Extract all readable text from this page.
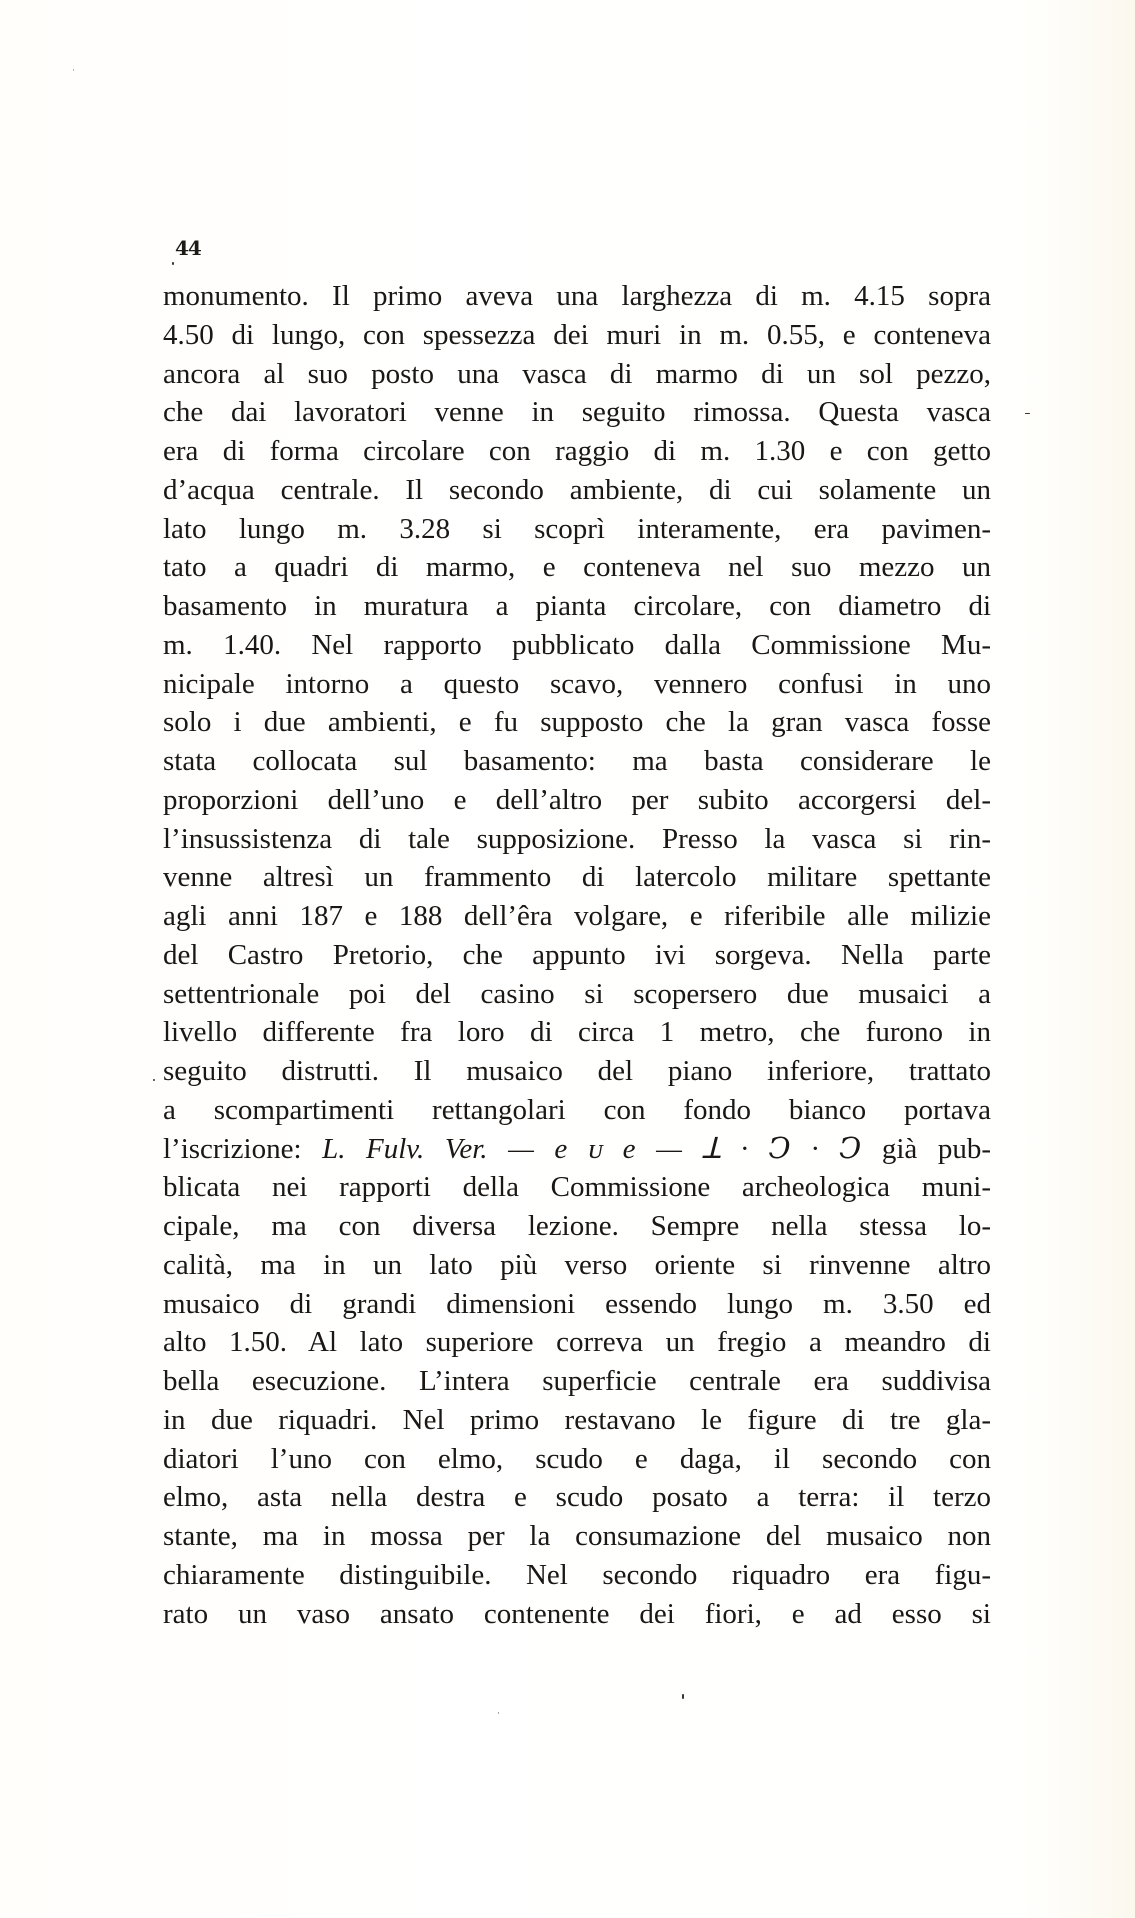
44
monumento. Il primo aveva una larghezza di m. 4.15 sopra
4.50 di lungo, con spessezza dei muri in m. 0.55, e conteneva
ancora al suo posto una vasca di marmo di un sol pezzo,
che dai lavoratori venne in seguito rimossa. Questa vasca
era di forma circolare con raggio di m. 1.30 e con getto
d’acqua centrale. Il secondo ambiente, di cui solamente un
lato lungo m. 3.28 si scoprì interamente, era pavimen-
tato a quadri di marmo, e conteneva nel suo mezzo un
basamento in muratura a pianta circolare, con diametro di
m. 1.40. Nel rapporto pubblicato dalla Commissione Mu-
nicipale intorno a questo scavo, vennero confusi in uno
solo i due ambienti, e fu supposto che la gran vasca fosse
stata collocata sul basamento: ma basta considerare le
proporzioni dell’uno e dell’altro per subito accorgersi del-
l’insussistenza di tale supposizione. Presso la vasca si rin-
venne altresì un frammento di latercolo militare spettante
agli anni 187 e 188 dell’êra volgare, e riferibile alle milizie
del Castro Pretorio, che appunto ivi sorgeva. Nella parte
settentrionale poi del casino si scopersero due musaici a
livello differente fra loro di circa 1 metro, che furono in
seguito distrutti. Il musaico del piano inferiore, trattato
a scompartimenti rettangolari con fondo bianco portava
l’iscrizione: L. Fulv. Ver. — e ᴜ e — ꓕ · Ↄ · Ↄ già pub-
blicata nei rapporti della Commissione archeologica muni-
cipale, ma con diversa lezione. Sempre nella stessa lo-
calità, ma in un lato più verso oriente si rinvenne altro
musaico di grandi dimensioni essendo lungo m. 3.50 ed
alto 1.50. Al lato superiore correva un fregio a meandro di
bella esecuzione. L’intera superficie centrale era suddivisa
in due riquadri. Nel primo restavano le figure di tre gla-
diatori l’uno con elmo, scudo e daga, il secondo con
elmo, asta nella destra e scudo posato a terra: il terzo
stante, ma in mossa per la consumazione del musaico non
chiaramente distinguibile. Nel secondo riquadro era figu-
rato un vaso ansato contenente dei fiori, e ad esso si
